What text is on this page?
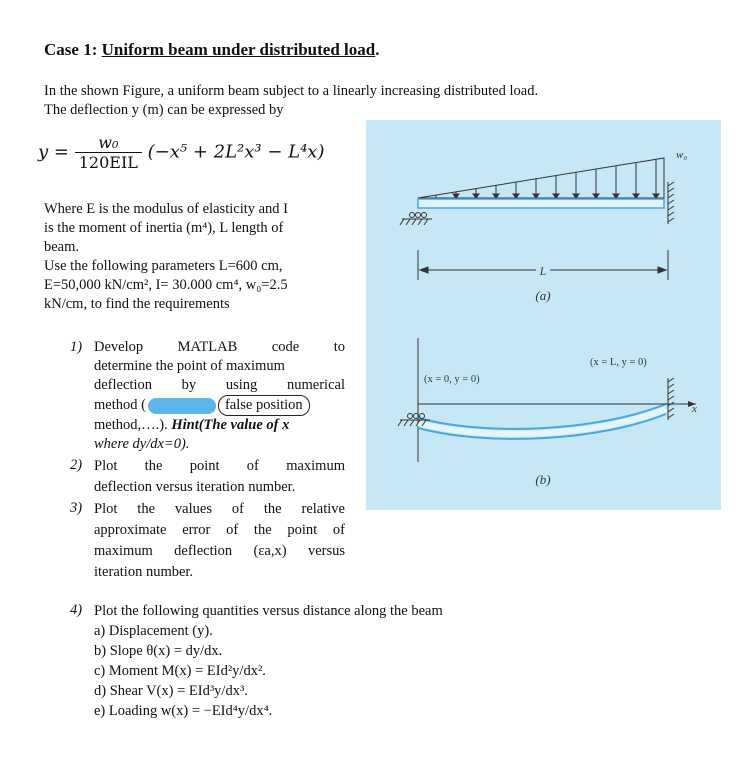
Case 1: Uniform beam under distributed load.
In the shown Figure, a uniform beam subject to a linearly increasing distributed load.
The deflection y (m) can be expressed by
$y = \frac{\text{w₀}}{\text{120EIL}} (-x^5 + 2L^2x^3 - L^4x)$
Where E is the modulus of elasticity and I
is the moment of inertia (m⁴), L length of
beam.
Use the following parameters L=600 cm,
E=50,000 kN/cm², I= 30.000 cm⁴, w₀=2.5
kN/cm, to find the requirements
1) Develop MATLAB code to
determine the point of maximum
deflection by using numerical
method (	false position
method,….). Hint(The value of x
where dy/dx=0).
2) Plot the point of maximum
deflection versus iteration number.
3) Plot the values of the relative
approximate error of the point of
maximum deflection (εa,x) versus
iteration number.
4) Plot the following quantities versus distance along the beam
a) Displacement (y).
b) Slope θ(x) = dy/dx.
c) Moment M(x) = EId²y/dx².
d) Shear V(x) = EId³y/dx³.
e) Loading w(x) = −EId⁴y/dx⁴.
w₀
L
(a)
(x = 0, y = 0)
(x = L, y = 0)
x
(b)
